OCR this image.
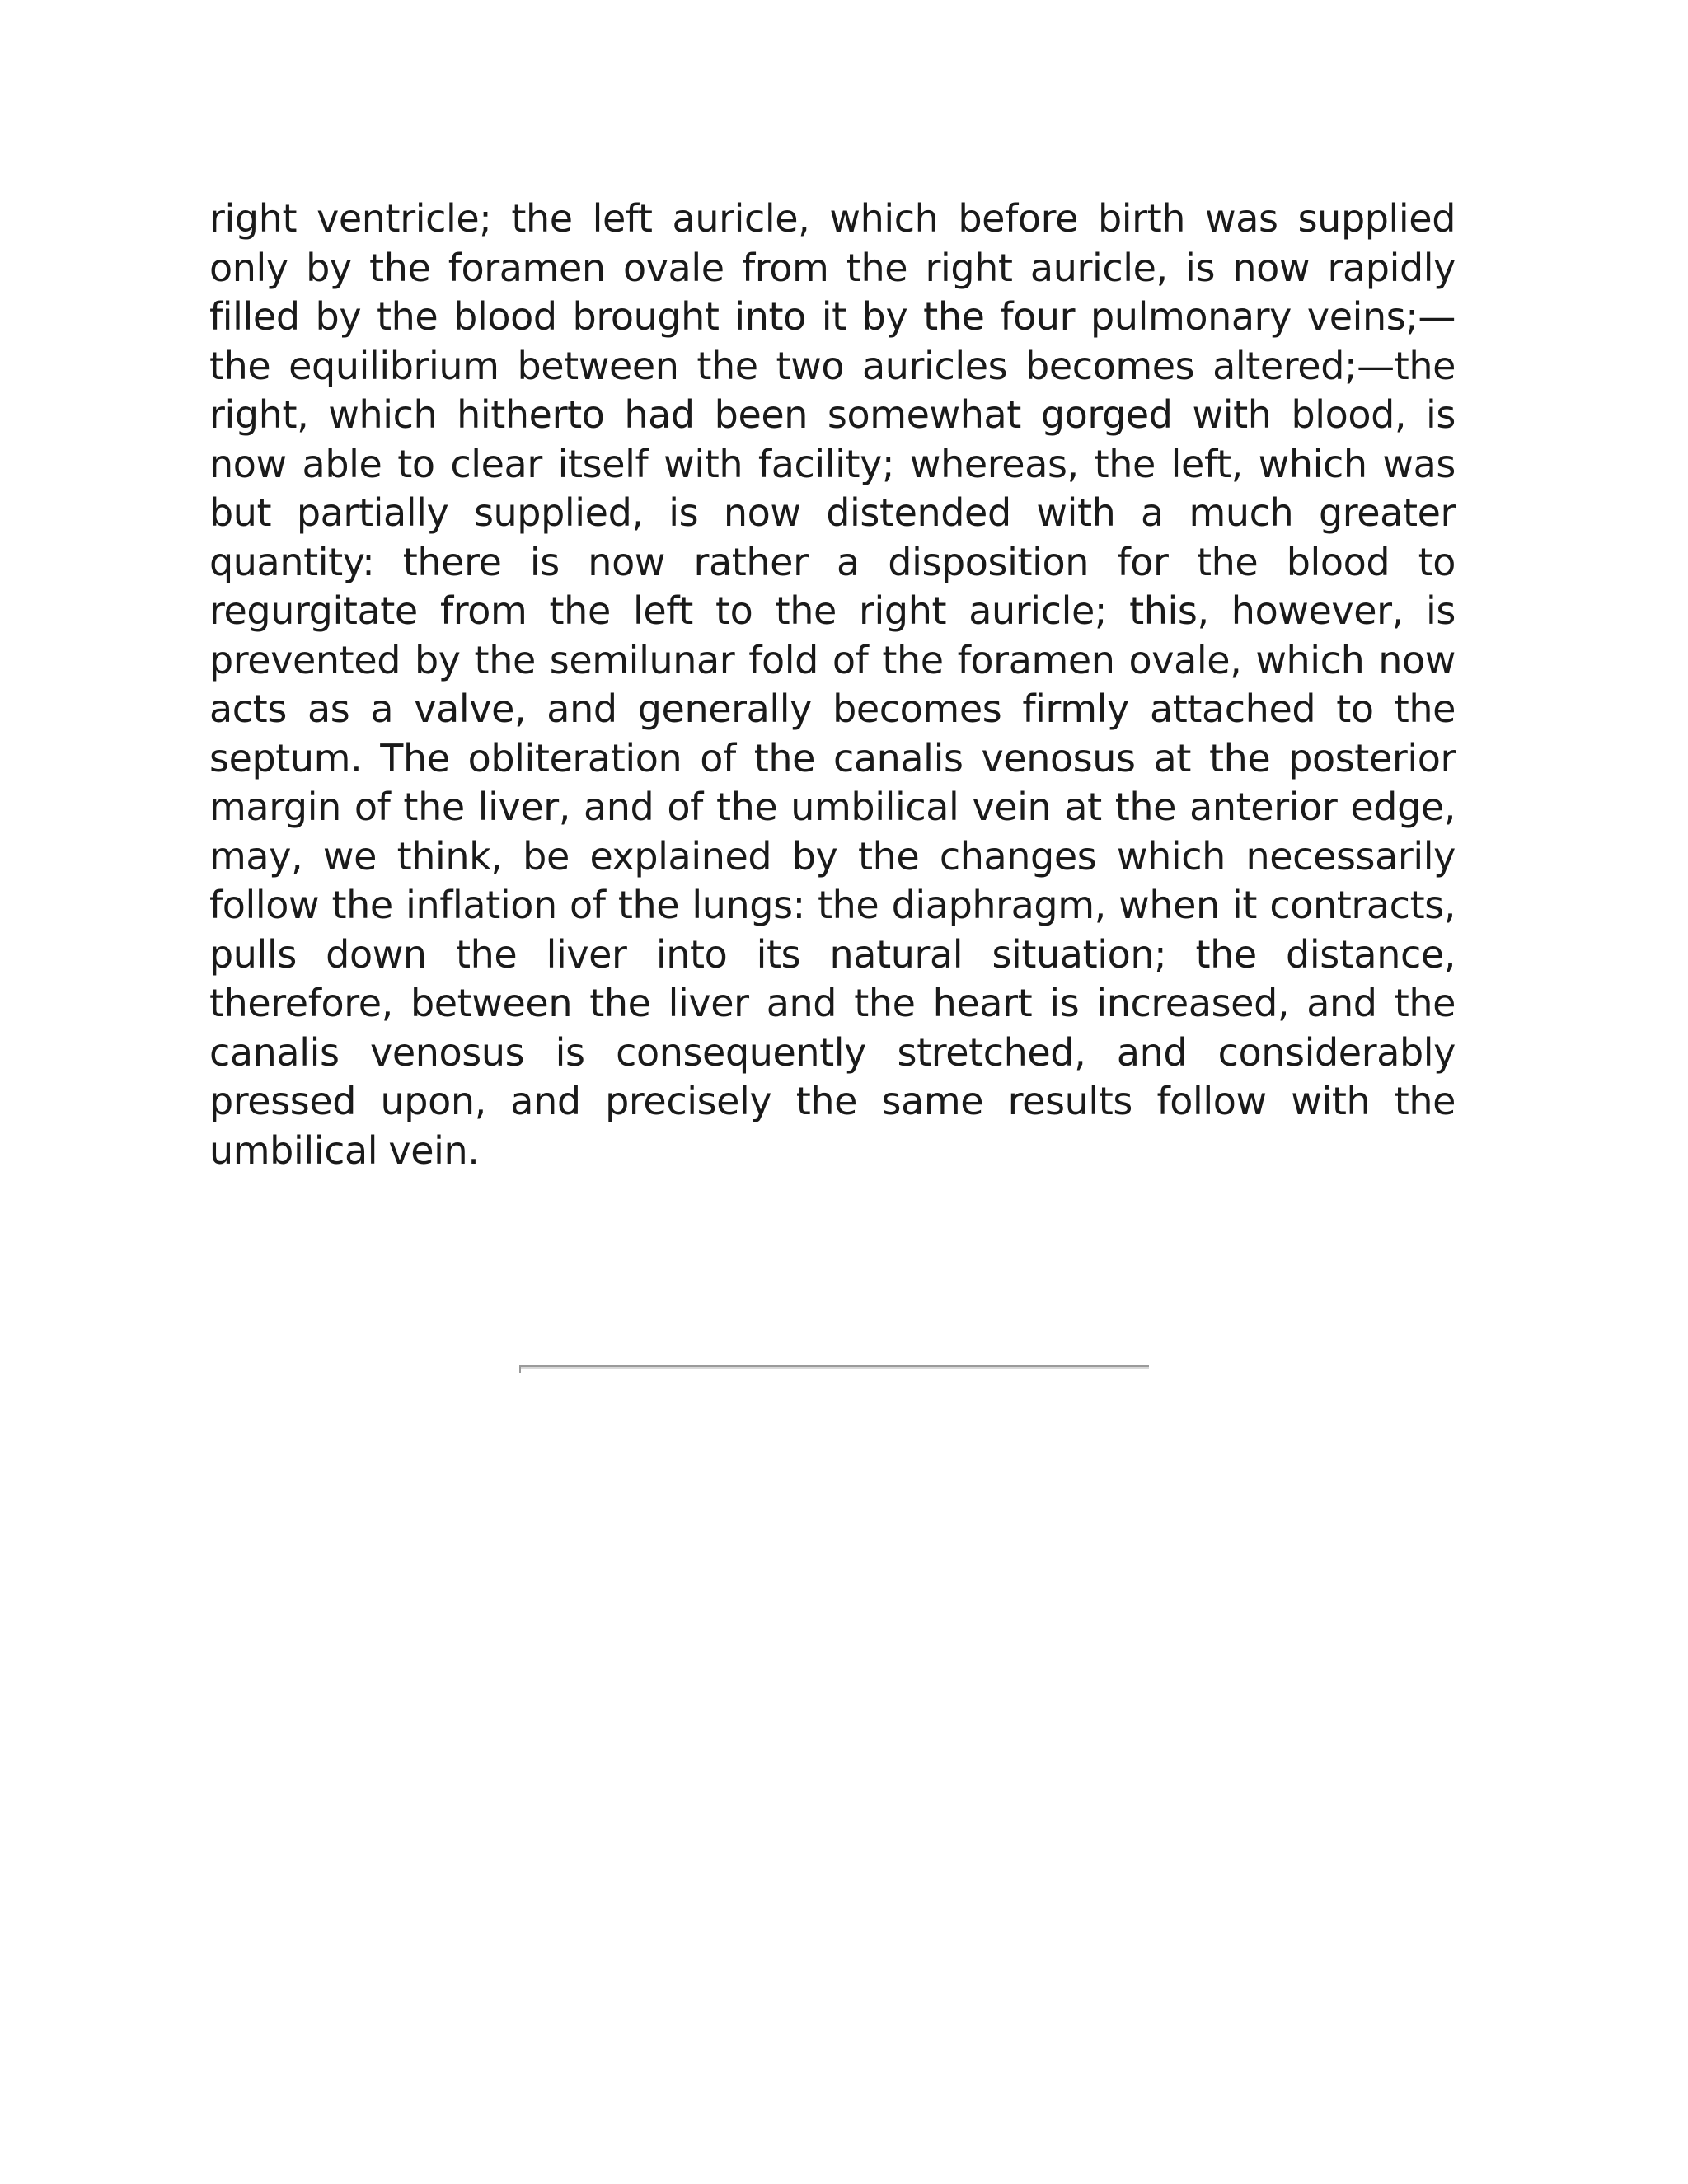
right ventricle; the left auricle, which before birth was supplied only by the foramen ovale from the right auricle, is now rapidly filled by the blood brought into it by the four pulmonary veins;—the equilibrium between the two auricles becomes altered;—the right, which hitherto had been somewhat gorged with blood, is now able to clear itself with facility; whereas, the left, which was but partially supplied, is now distended with a much greater quantity: there is now rather a disposition for the blood to regurgitate from the left to the right auricle; this, however, is prevented by the semilunar fold of the foramen ovale, which now acts as a valve, and generally becomes firmly attached to the septum. The obliteration of the canalis venosus at the posterior margin of the liver, and of the umbilical vein at the anterior edge, may, we think, be explained by the changes which necessarily follow the inflation of the lungs: the diaphragm, when it contracts, pulls down the liver into its natural situation; the distance, therefore, between the liver and the heart is increased, and the canalis venosus is consequently stretched, and considerably pressed upon, and precisely the same results follow with the umbilical vein.
